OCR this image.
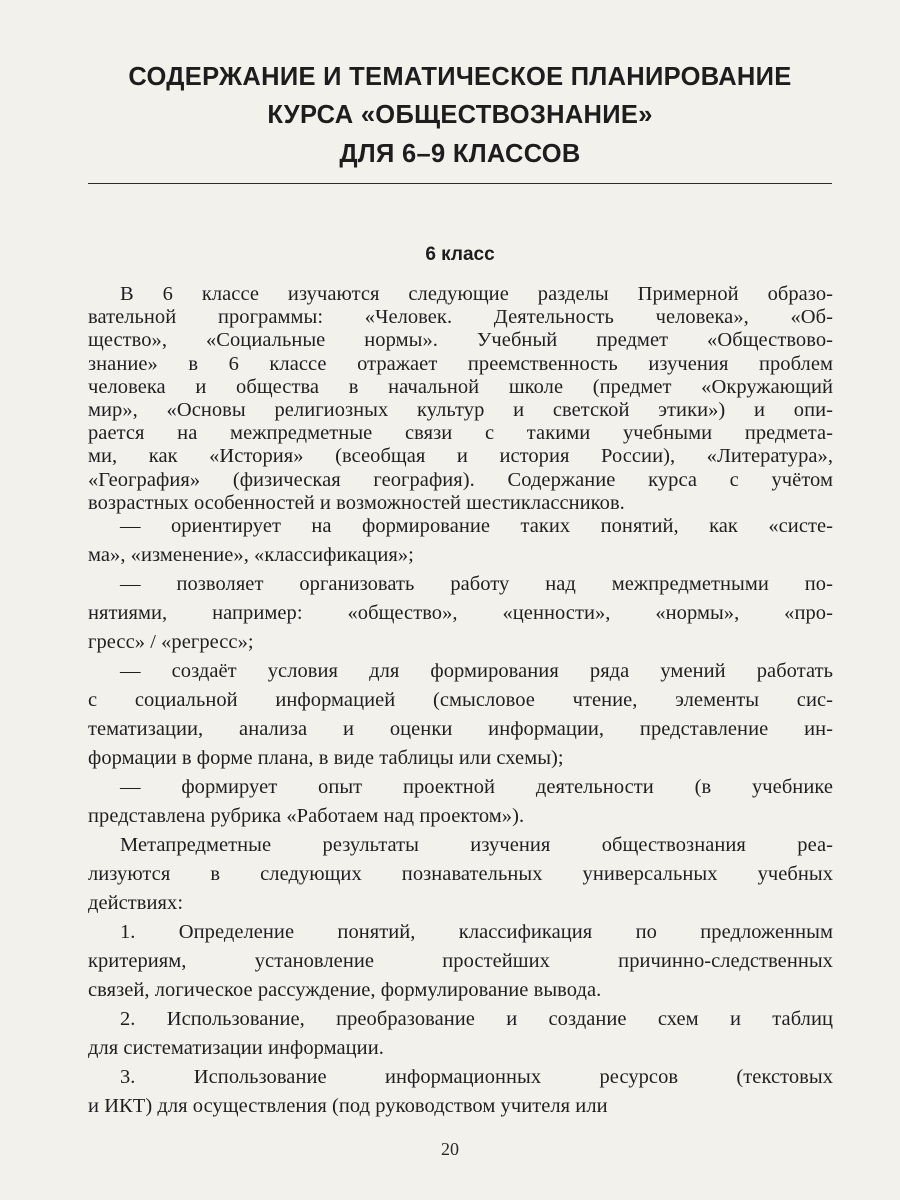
СОДЕРЖАНИЕ И ТЕМАТИЧЕСКОЕ ПЛАНИРОВАНИЕ
КУРСА «ОБЩЕСТВОЗНАНИЕ»
ДЛЯ 6–9 КЛАССОВ
6 класс
В 6 классе изучаются следующие разделы Примерной образо-
вательной программы: «Человек. Деятельность человека», «Об-
щество», «Социальные нормы». Учебный предмет «Обществово-
знание» в 6 классе отражает преемственность изучения проблем
человека и общества в начальной школе (предмет «Окружающий
мир», «Основы религиозных культур и светской этики») и опи-
рается на межпредметные связи с такими учебными предмета-
ми, как «История» (всеобщая и история России), «Литература»,
«География» (физическая география). Содержание курса с учётом
возрастных особенностей и возможностей шестиклассников.
— ориентирует на формирование таких понятий, как «систе-
ма», «изменение», «классификация»;
— позволяет организовать работу над межпредметными по-
нятиями, например: «общество», «ценности», «нормы», «про-
гресс» / «регресс»;
— создаёт условия для формирования ряда умений работать
с социальной информацией (смысловое чтение, элементы сис-
тематизации, анализа и оценки информации, представление ин-
формации в форме плана, в виде таблицы или схемы);
— формирует опыт проектной деятельности (в учебнике
представлена рубрика «Работаем над проектом»).
Метапредметные результаты изучения обществознания реа-
лизуются в следующих познавательных универсальных учебных
действиях:
1. Определение понятий, классификация по предложенным
критериям, установление простейших причинно-следственных
связей, логическое рассуждение, формулирование вывода.
2. Использование, преобразование и создание схем и таблиц
для систематизации информации.
20
3. Использование информационных ресурсов (текстовых
и ИКТ) для осуществления (под руководством учителя или
